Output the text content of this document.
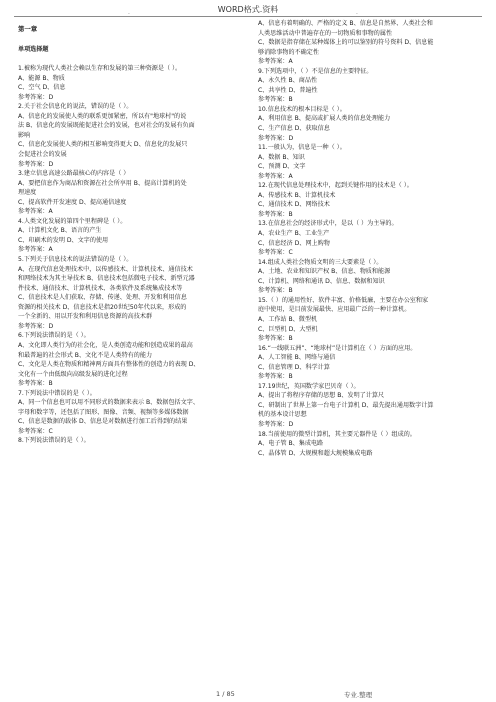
.	WORD格式.资料	.

第一章

单项选择题

1.被称为现代人类社会赖以生存和发展的第三种资源是（ ）。

A、能源 B、物质

C、空气 D、信息

参考答案：D

2.关于社会信息化的说法，错误的是（ ）。

A、信息化的发展使人类的联系更加紧密，所以有"地球村"的说

法 B、信息化的发展既能促进社会的发展，也对社会的发展有负面

影响

C、信息化发展使人类的相互影响变得更大 D、信息化的发展只

会促进社会的发展

参考答案：D

3.建立信息高速公路最核心的内容是（ ）

A、要把信息作为商品和资源在社会所享用 B、提高计算机的处

理速度

C、提高软件开发速度 D、提高通信速度

参考答案：A

4.人类文化发展的第四个里程碑是（ ）。

A、计算机文化 B、语言的产生

C、印刷术的发明 D、文字的使用

参考答案：A

5.下列关于信息技术的说法错误的是（ ）。

A、在现代信息处理技术中，以传感技术、计算机技术、通信技术

和网络技术为其主导技术 B、信息技术包括微电子技术、新型元器

件技术、通信技术、计算机技术、各类软件及系统集成技术等

C、信息技术是人们获取、存储、传递、处理、开发和利用信息

资源的相关技术 D、信息技术是指20世纪50年代以来，形成的

一个全新的、用以开发和利用信息资源的高技术群

参考答案：D

6.下列说法错误的是（ ）。

A、文化即人类行为的社会化，是人类创造功能和创造成果的最高

和最普遍的社会形式 B、文化不是人类特有的能力

C、文化是人类在物质和精神两方面具有整体性的创造力的表现 D、

文化有一个由低级向高级发展的进化过程

参考答案：B

7.下列说法中错误的是（ ）。

A、同一个信息也可以用不同形式的数据来表示 B、数据包括文字、

字母和数字等，还包括了图形、图像、音频、视频等多媒体数据

C、信息是数据的载体 D、信息是对数据进行加工后得到的结果

参考答案：C

8.下列说法错误的是（ ）。

A、信息有着明确的、严格的定义 B、信息是自然界、人类社会和

人类思维活动中普遍存在的一切物质和事物的属性

C、数据是指存储在某种媒体上的可以鉴别的符号资料 D、信息能

够消除事物的不确定性

参考答案：A

9.下列选项中，（ ）不是信息的主要特征。

A、永久性 B、商品性

C、共享性 D、普遍性

参考答案：B

10.信息技术的根本目标是（ ）。

A、利用信息 B、提高或扩展人类的信息处理能力

C、生产信息 D、获取信息

参考答案：D

11.一般认为，信息是一种（ ）。

A、数据 B、知识

C、预测 D、文字

参考答案：A

12.在现代信息处理技术中，起到关键作用的技术是（ ）。

A、传感技术 B、计算机技术

C、通信技术 D、网络技术

参考答案：B

13.在信息社会的经济形式中，是以（ ）为主导的。

A、农业生产 B、工业生产

C、信息经济 D、网上购物

参考答案：C

14.组成人类社会物质文明的三大要素是（ ）。

A、土地、农业和知识产权 B、信息、物质和能源

C、计算机、网络和通讯 D、信息、数据和知识

参考答案：B

15.（ ）的通用性好、软件丰富、价格低廉，主要在办公室和家

庭中使用，是目前发展最快、应用最广泛的一种计算机。

A、工作站 B、微型机

C、巨型机 D、大型机

参考答案：B

16.“一线联五洲”、“地球村”是计算机在（ ）方面的应用。

A、人工智能 B、网络与通信

C、信息管理 D、科学计算

参考答案：B

17.19世纪，英国数学家巴贝奇（ ）。

A、提出了将程序存储的思想 B、发明了计算尺

C、研制出了世界上第一台电子计算机 D、最先提出通用数字计算

机的基本设计思想

参考答案：D

18.当前使用的微型计算机，其主要元器件是（ ）组成的。

A、电子管 B、集成电路

C、晶体管 D、大规模和超大规模集成电路

1 / 85	专业.整理
